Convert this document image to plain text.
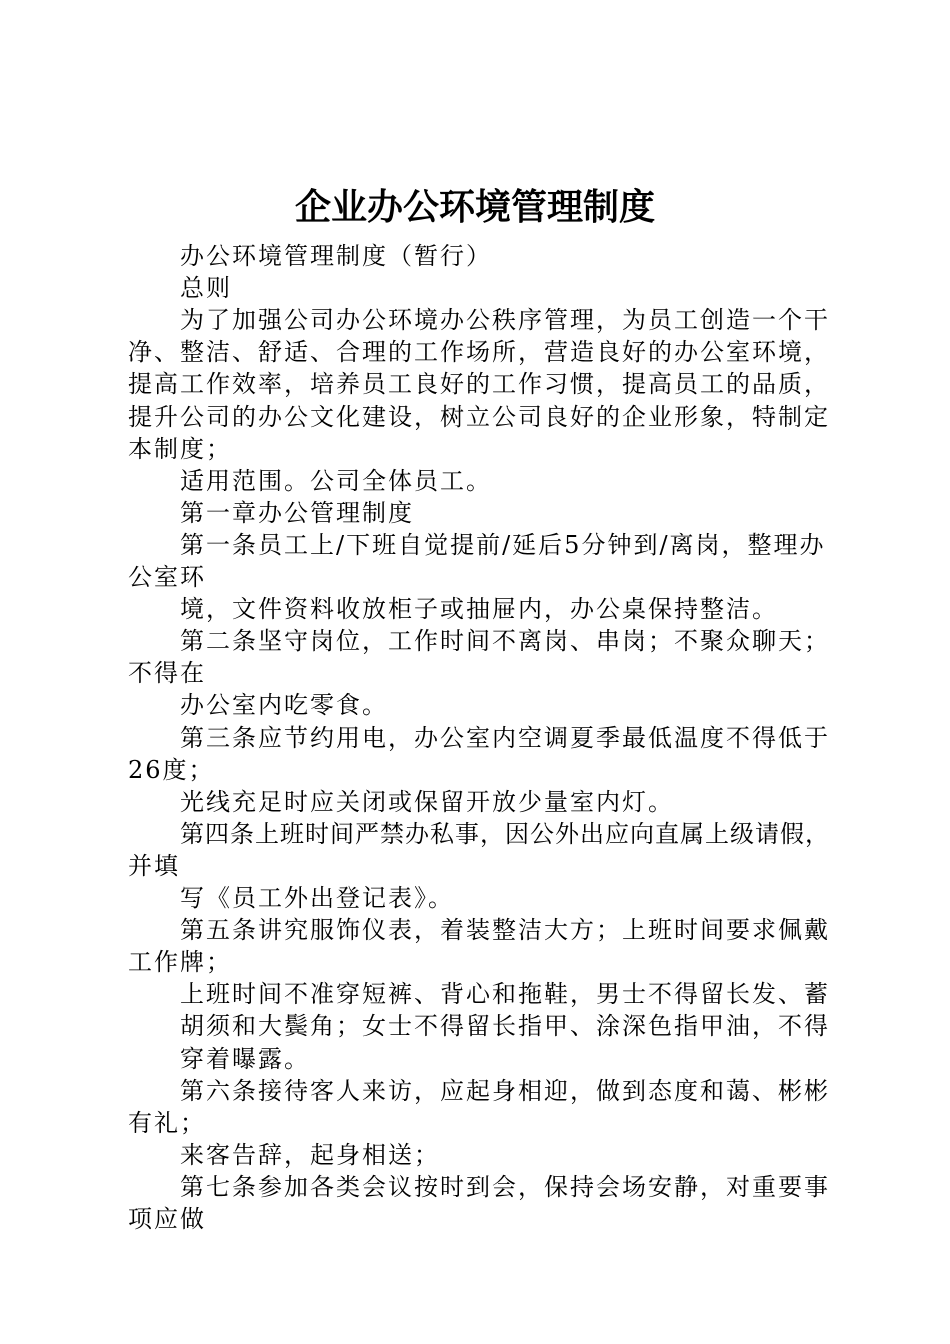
企业办公环境管理制度
办公环境管理制度（暂行）
总则
为了加强公司办公环境办公秩序管理，为员工创造一个干
净、整洁、舒适、合理的工作场所，营造良好的办公室环境，
提高工作效率，培养员工良好的工作习惯，提高员工的品质，
提升公司的办公文化建设，树立公司良好的企业形象，特制定
本制度；
适用范围。公司全体员工。
第一章办公管理制度
第一条员工上/下班自觉提前/延后5分钟到/离岗，整理办
公室环
境，文件资料收放柜子或抽屉内，办公桌保持整洁。
第二条坚守岗位，工作时间不离岗、串岗；不聚众聊天；
不得在
办公室内吃零食。
第三条应节约用电，办公室内空调夏季最低温度不得低于
26度；
光线充足时应关闭或保留开放少量室内灯。
第四条上班时间严禁办私事，因公外出应向直属上级请假，
并填
写《员工外出登记表》。
第五条讲究服饰仪表，着装整洁大方；上班时间要求佩戴
工作牌；
上班时间不准穿短裤、背心和拖鞋，男士不得留长发、蓄
胡须和大鬓角；女士不得留长指甲、涂深色指甲油，不得
穿着曝露。
第六条接待客人来访，应起身相迎，做到态度和蔼、彬彬
有礼；
来客告辞，起身相送；
第七条参加各类会议按时到会，保持会场安静，对重要事
项应做
